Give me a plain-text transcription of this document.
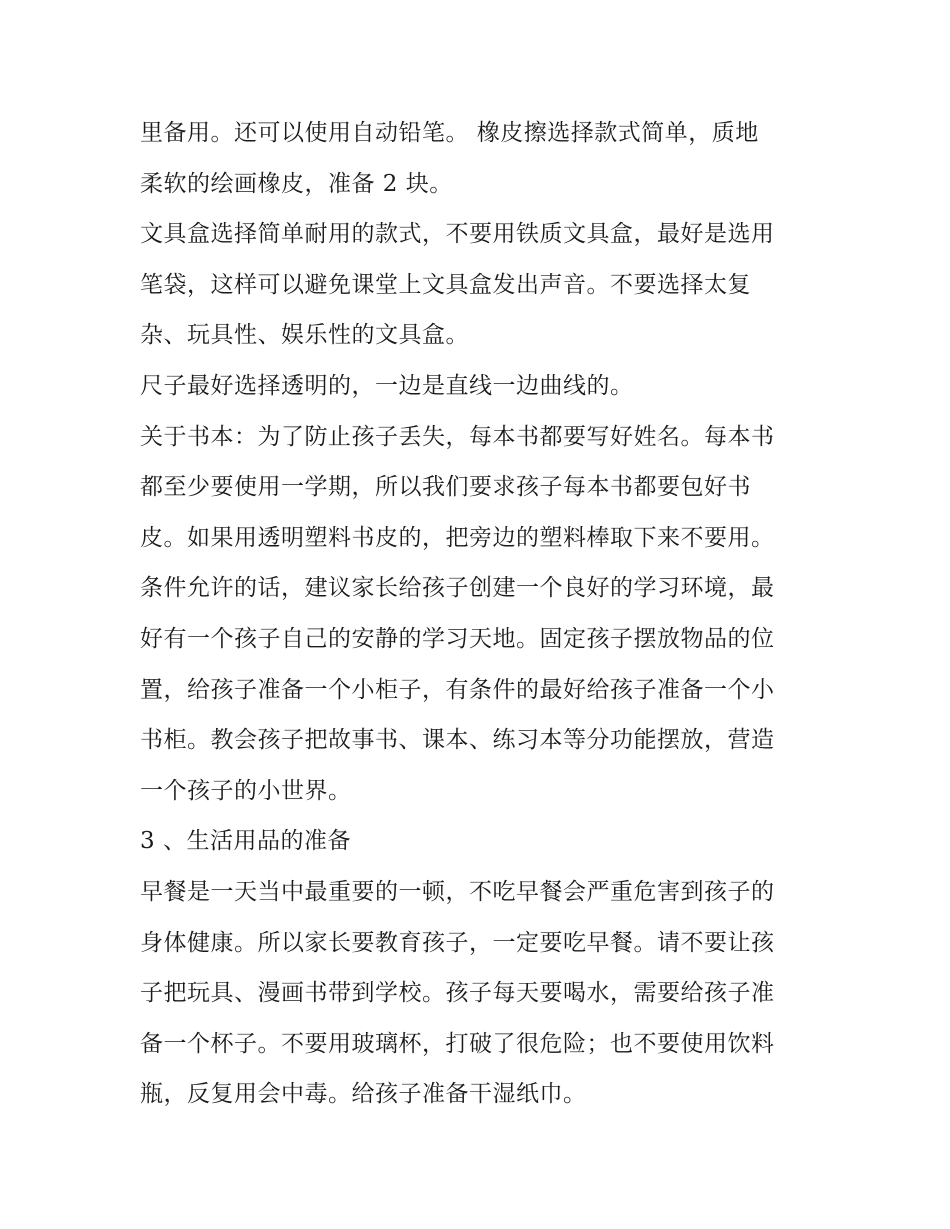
里备用。还可以使用自动铅笔。 橡皮擦选择款式简单，质地
柔软的绘画橡皮，准备 2 块。
文具盒选择简单耐用的款式，不要用铁质文具盒，最好是选用
笔袋，这样可以避免课堂上文具盒发出声音。不要选择太复
杂、玩具性、娱乐性的文具盒。
尺子最好选择透明的，一边是直线一边曲线的。
关于书本：为了防止孩子丢失，每本书都要写好姓名。每本书
都至少要使用一学期，所以我们要求孩子每本书都要包好书
皮。如果用透明塑料书皮的，把旁边的塑料棒取下来不要用。
条件允许的话，建议家长给孩子创建一个良好的学习环境，最
好有一个孩子自己的安静的学习天地。固定孩子摆放物品的位
置，给孩子准备一个小柜子，有条件的最好给孩子准备一个小
书柜。教会孩子把故事书、课本、练习本等分功能摆放，营造
一个孩子的小世界。
3 、生活用品的准备
早餐是一天当中最重要的一顿，不吃早餐会严重危害到孩子的
身体健康。所以家长要教育孩子，一定要吃早餐。请不要让孩
子把玩具、漫画书带到学校。孩子每天要喝水，需要给孩子准
备一个杯子。不要用玻璃杯，打破了很危险；也不要使用饮料
瓶，反复用会中毒。给孩子准备干湿纸巾。
